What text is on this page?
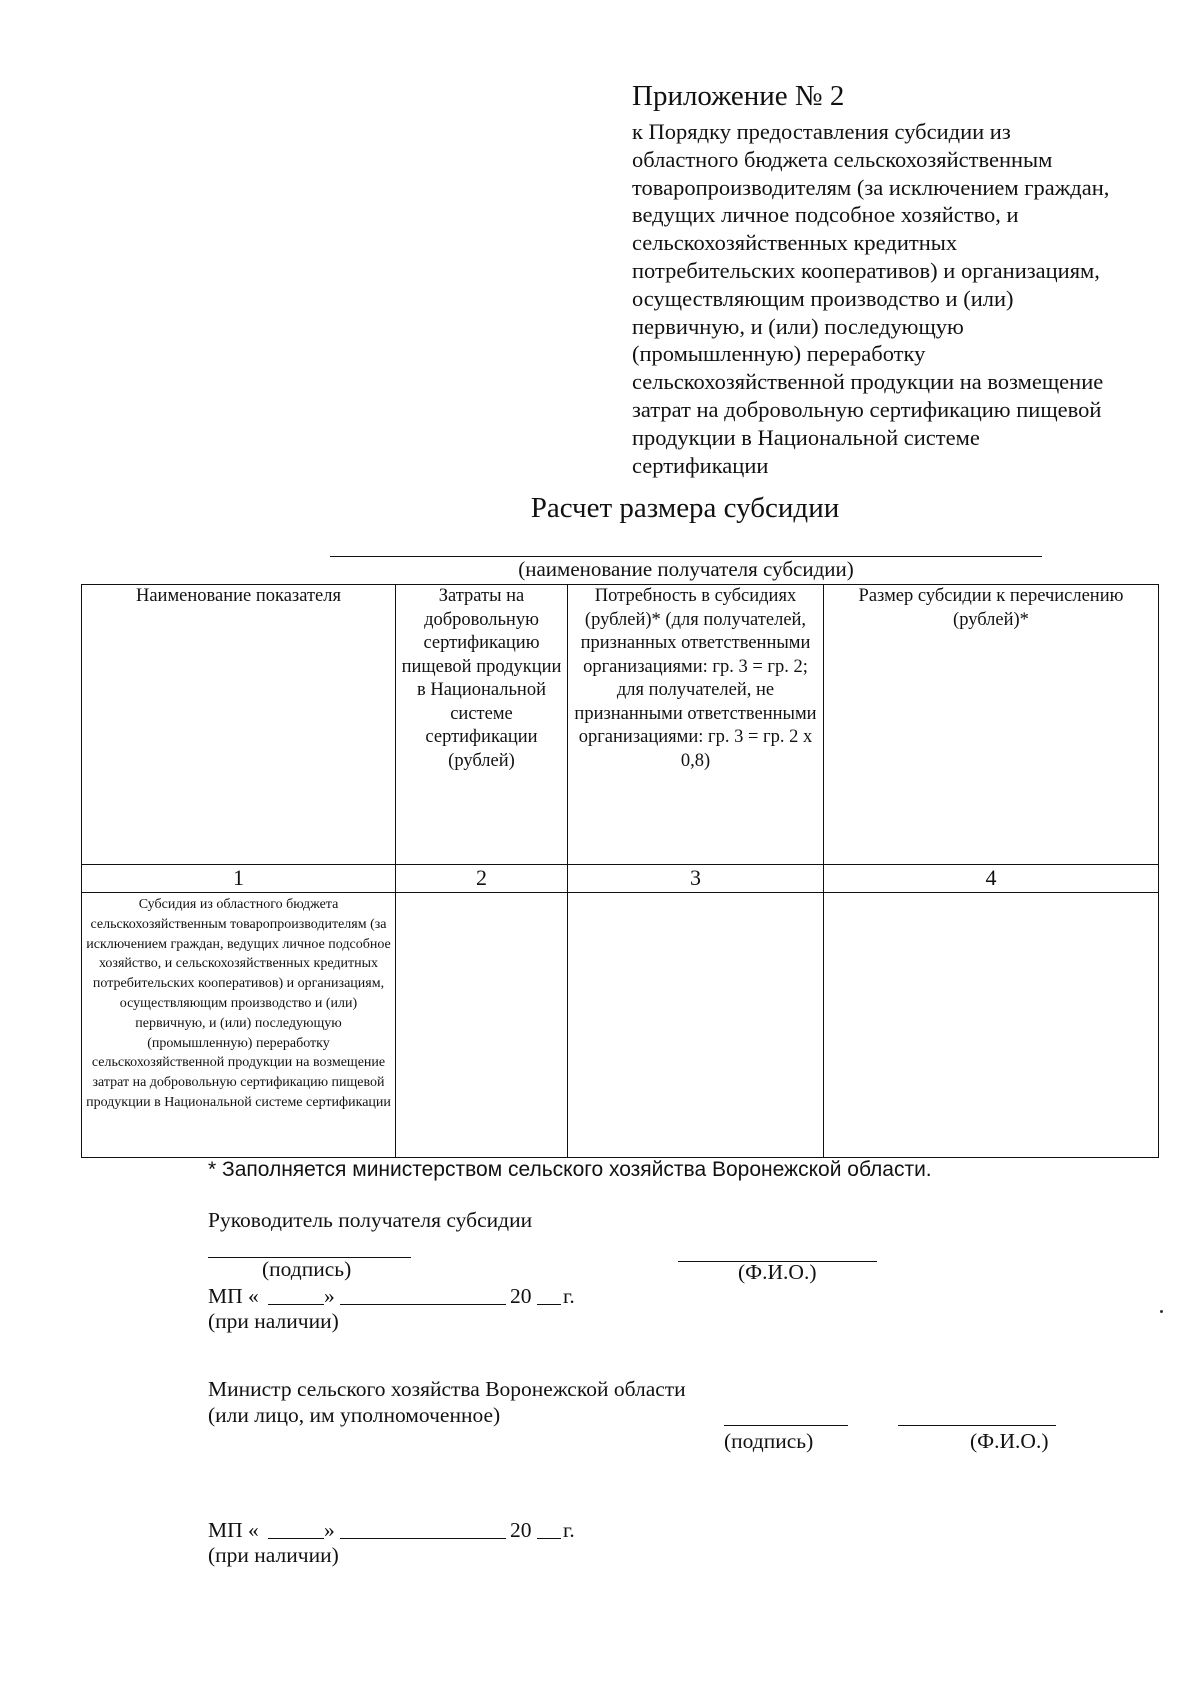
Приложение № 2
к Порядку предоставления субсидии из
областного бюджета сельскохозяйственным
товаропроизводителям (за исключением граждан,
ведущих личное подсобное хозяйство, и
сельскохозяйственных кредитных
потребительских кооперативов) и организациям,
осуществляющим производство и (или)
первичную, и (или) последующую
(промышленную) переработку
сельскохозяйственной продукции на возмещение
затрат на добровольную сертификацию пищевой
продукции в Национальной системе
сертификации
Расчет размера субсидии
(наименование получателя субсидии)
Наименование показателя	Затраты на добровольную сертификацию пищевой продукции в Национальной системе сертификации (рублей)	Потребность в субсидиях (рублей)* (для получателей, признанных ответственными организациями: гр. 3 = гр. 2; для получателей, не признанными ответственными организациями: гр. 3 = гр. 2 х 0,8)	Размер субсидии к перечислению (рублей)*
1	2	3	4
Субсидия из областного бюджета сельскохозяйственным товаропроизводителям (за исключением граждан, ведущих личное подсобное хозяйство, и сельскохозяйственных кредитных потребительских кооперативов) и организациям, осуществляющим производство и (или) первичную, и (или) последующую (промышленную) переработку сельскохозяйственной продукции на возмещение затрат на добровольную сертификацию пищевой продукции в Национальной системе сертификации			
* Заполняется министерством сельского хозяйства Воронежской области.
Руководитель получателя субсидии
(подпись)	(Ф.И.О.)
МП «	»	20 г.
(при наличии)
Министр сельского хозяйства Воронежской области
(или лицо, им уполномоченное)
(подпись)	(Ф.И.О.)
МП «	»	20 г.
(при наличии)
